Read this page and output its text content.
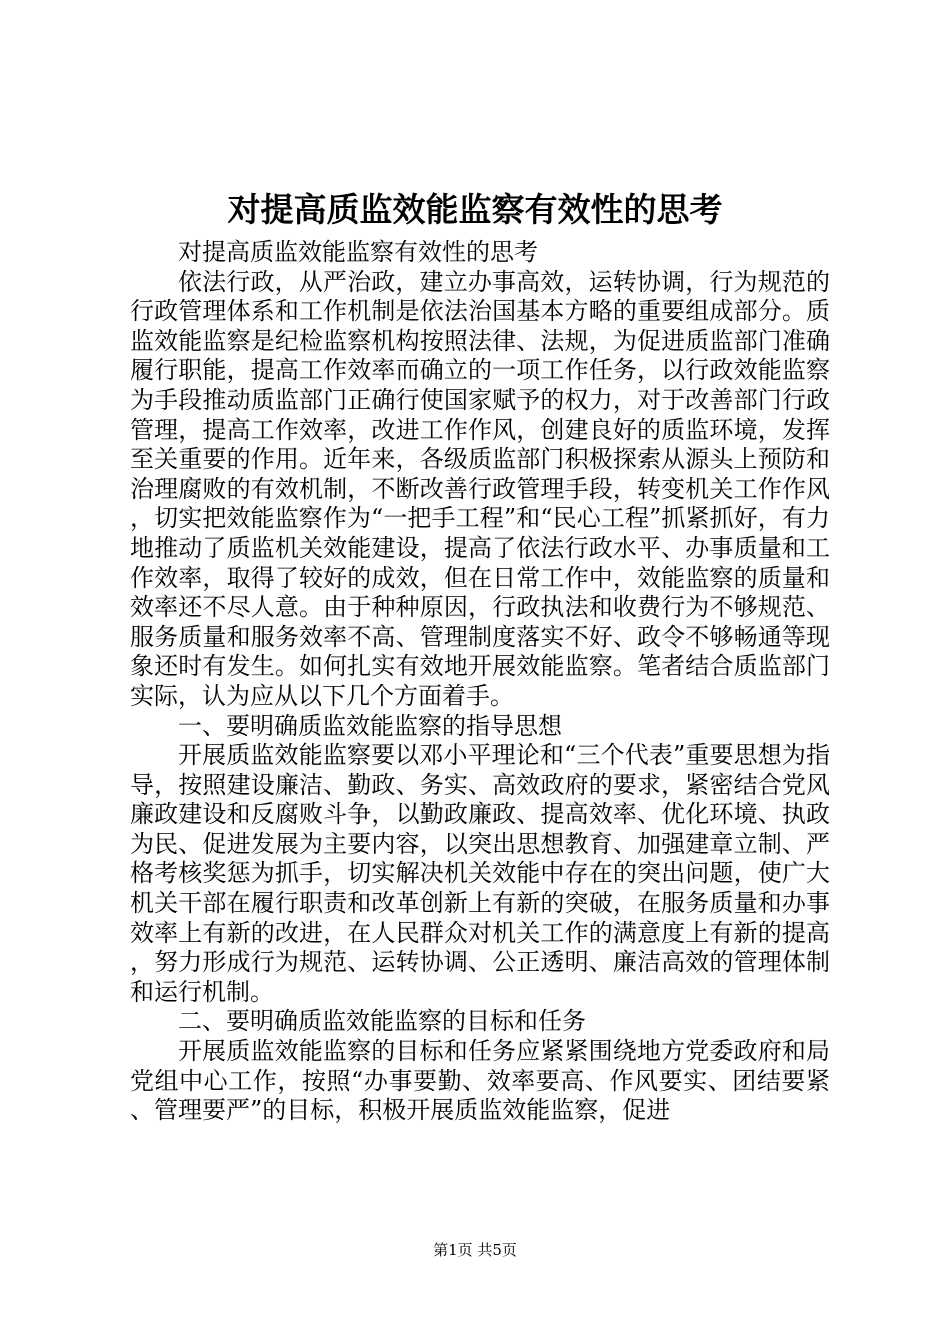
对提高质监效能监察有效性的思考

对提高质监效能监察有效性的思考

依法行政，从严治政，建立办事高效，运转协调，行为规范的行政管理体系和工作机制是依法治国基本方略的重要组成部分。质监效能监察是纪检监察机构按照法律、法规，为促进质监部门准确履行职能，提高工作效率而确立的一项工作任务，以行政效能监察为手段推动质监部门正确行使国家赋予的权力，对于改善部门行政管理，提高工作效率，改进工作作风，创建良好的质监环境，发挥至关重要的作用。近年来，各级质监部门积极探索从源头上预防和治理腐败的有效机制，不断改善行政管理手段，转变机关工作作风，切实把效能监察作为“一把手工程”和“民心工程”抓紧抓好，有力地推动了质监机关效能建设，提高了依法行政水平、办事质量和工作效率，取得了较好的成效，但在日常工作中，效能监察的质量和效率还不尽人意。由于种种原因，行政执法和收费行为不够规范、服务质量和服务效率不高、管理制度落实不好、政令不够畅通等现象还时有发生。如何扎实有效地开展效能监察。笔者结合质监部门实际，认为应从以下几个方面着手。

一、要明确质监效能监察的指导思想

开展质监效能监察要以邓小平理论和“三个代表”重要思想为指导，按照建设廉洁、勤政、务实、高效政府的要求，紧密结合党风廉政建设和反腐败斗争，以勤政廉政、提高效率、优化环境、执政为民、促进发展为主要内容，以突出思想教育、加强建章立制、严格考核奖惩为抓手，切实解决机关效能中存在的突出问题，使广大机关干部在履行职责和改革创新上有新的突破，在服务质量和办事效率上有新的改进，在人民群众对机关工作的满意度上有新的提高，努力形成行为规范、运转协调、公正透明、廉洁高效的管理体制和运行机制。

二、要明确质监效能监察的目标和任务

开展质监效能监察的目标和任务应紧紧围绕地方党委政府和局党组中心工作，按照“办事要勤、效率要高、作风要实、团结要紧、管理要严”的目标，积极开展质监效能监察，促进

第1页 共5页
